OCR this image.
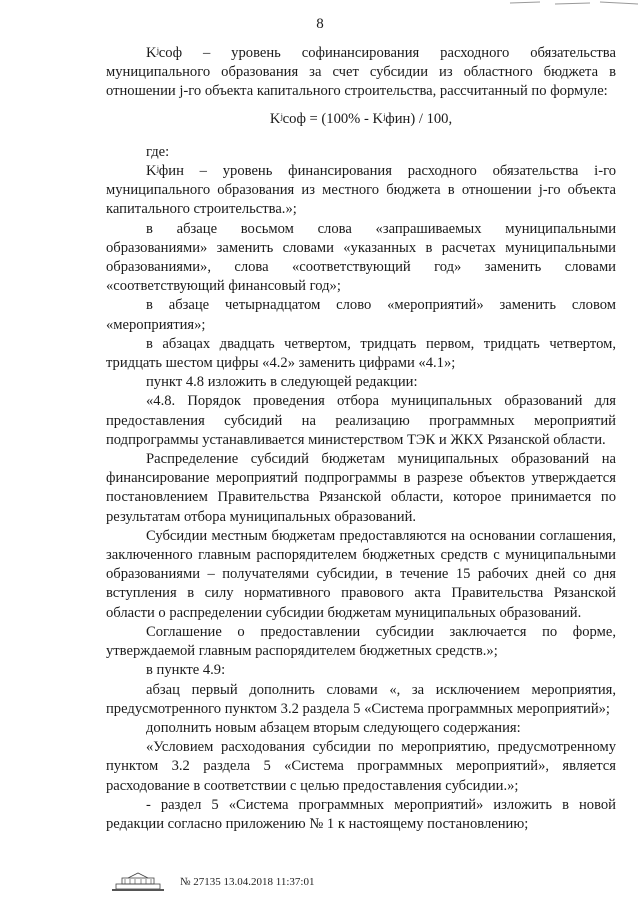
8

Kʲсоф – уровень софинансирования расходного обязательства муниципального образования за счет субсидии из областного бюджета в отношении j-го объекта капитального строительства, рассчитанный по формуле:

Kʲсоф = (100% - Kʲфин) / 100,

где:

Kʲфин – уровень финансирования расходного обязательства i-го муниципального образования из местного бюджета в отношении j-го объекта капитального строительства.»;

в абзаце восьмом слова «запрашиваемых муниципальными образованиями» заменить словами «указанных в расчетах муниципальными образованиями», слова «соответствующий год» заменить словами «соответствующий финансовый год»;

в абзаце четырнадцатом слово «мероприятий» заменить словом «мероприятия»;

в абзацах двадцать четвертом, тридцать первом, тридцать четвертом, тридцать шестом цифры «4.2» заменить цифрами «4.1»;

пункт 4.8 изложить в следующей редакции:

«4.8. Порядок проведения отбора муниципальных образований для предоставления субсидий на реализацию программных мероприятий подпрограммы устанавливается министерством ТЭК и ЖКХ Рязанской области.

Распределение субсидий бюджетам муниципальных образований на финансирование мероприятий подпрограммы в разрезе объектов утверждается постановлением Правительства Рязанской области, которое принимается по результатам отбора муниципальных образований.

Субсидии местным бюджетам предоставляются на основании соглашения, заключенного главным распорядителем бюджетных средств с муниципальными образованиями – получателями субсидии, в течение 15 рабочих дней со дня вступления в силу нормативного правового акта Правительства Рязанской области о распределении субсидии бюджетам муниципальных образований.

Соглашение о предоставлении субсидии заключается по форме, утверждаемой главным распорядителем бюджетных средств.»;

в пункте 4.9:

абзац первый дополнить словами «, за исключением мероприятия, предусмотренного пунктом 3.2 раздела 5 «Система программных мероприятий»;

дополнить новым абзацем вторым следующего содержания:

«Условием расходования субсидии по мероприятию, предусмотренному пунктом 3.2 раздела 5 «Система программных мероприятий», является расходование в соответствии с целью предоставления субсидии.»;

- раздел 5 «Система программных мероприятий» изложить в новой редакции согласно приложению № 1 к настоящему постановлению;

№ 27135 13.04.2018 11:37:01
